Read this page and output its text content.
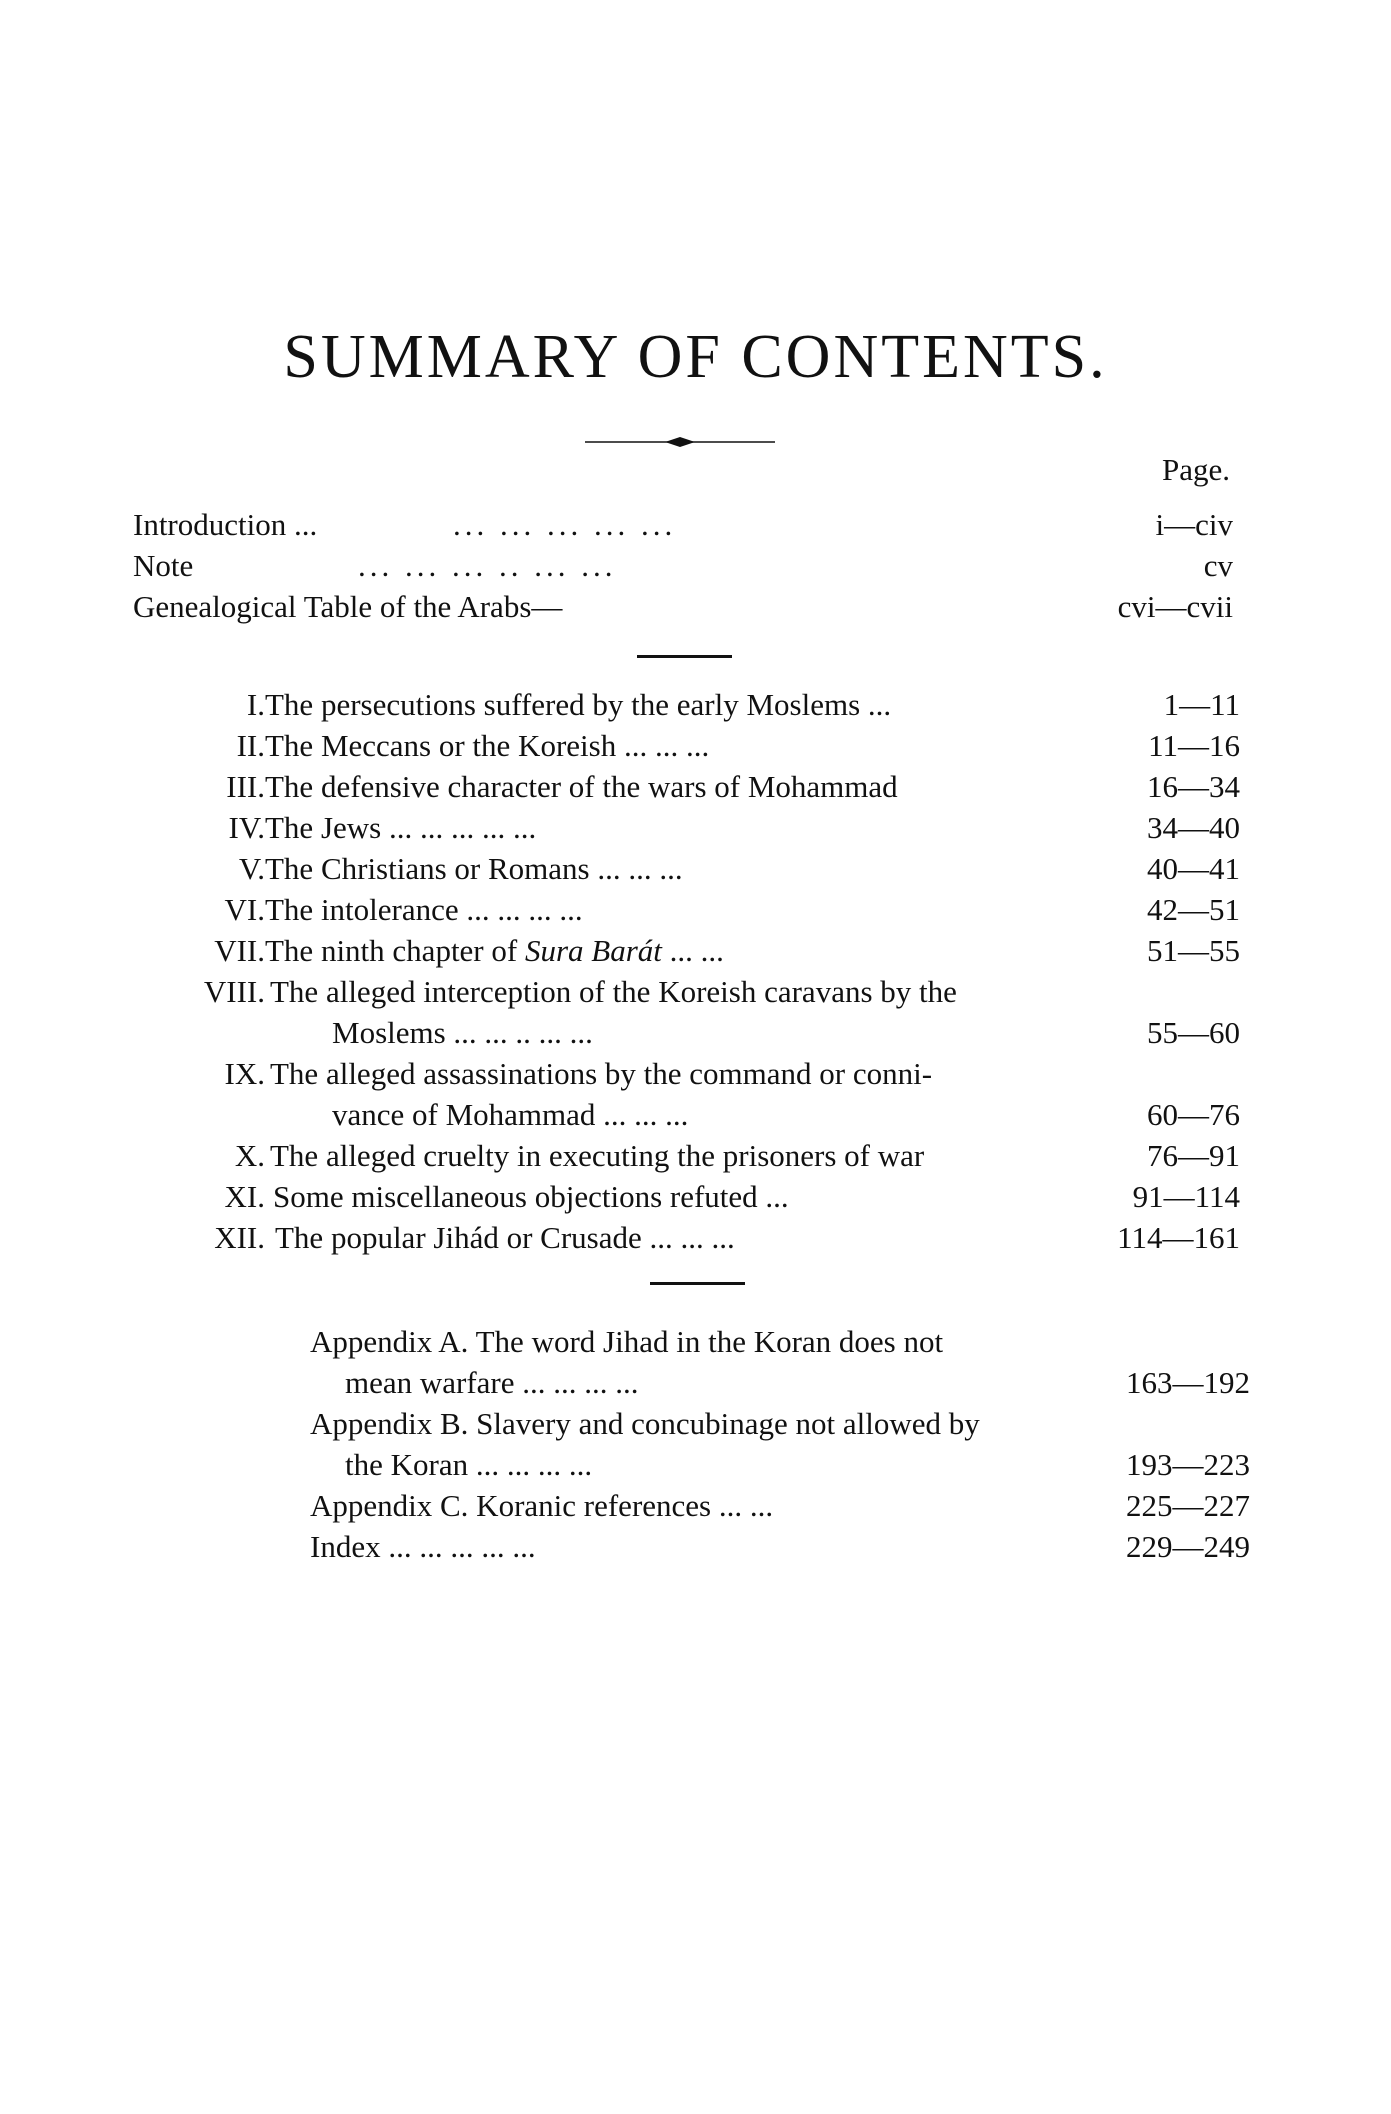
SUMMARY OF CONTENTS.
Page.
Introduction ...	... ... ... ... ...	i—civ
Note	... ... ... .. ... ...	cv
Genealogical Table of the Arabs—	cvi—cvii
I. The persecutions suffered by the early Moslems ...	1—11
II. The Meccans or the Koreish ... ... ...	11—16
III. The defensive character of the wars of Mohammad	16—34
IV. The Jews ... ... ... ... ...	34—40
V. The Christians or Romans ... ... ...	40—41
VI. The intolerance ... ... ... ...	42—51
VII. The ninth chapter of Sura Barát ... ...	51—55
VIII. The alleged interception of the Koreish caravans by the
Moslems ... ... .. ... ...	55—60
IX. The alleged assassinations by the command or conni-
vance of Mohammad ... ... ...	60—76
X. The alleged cruelty in executing the prisoners of war	76—91
XI. Some miscellaneous objections refuted ...	91—114
XII. The popular Jihád or Crusade ... ... ...	114—161
Appendix A. The word Jihad in the Koran does not
mean warfare ... ... ... ...	163—192
Appendix B. Slavery and concubinage not allowed by
the Koran ... ... ... ...	193—223
Appendix C. Koranic references ... ...	225—227
Index ... ... ... ... ...	229—249
